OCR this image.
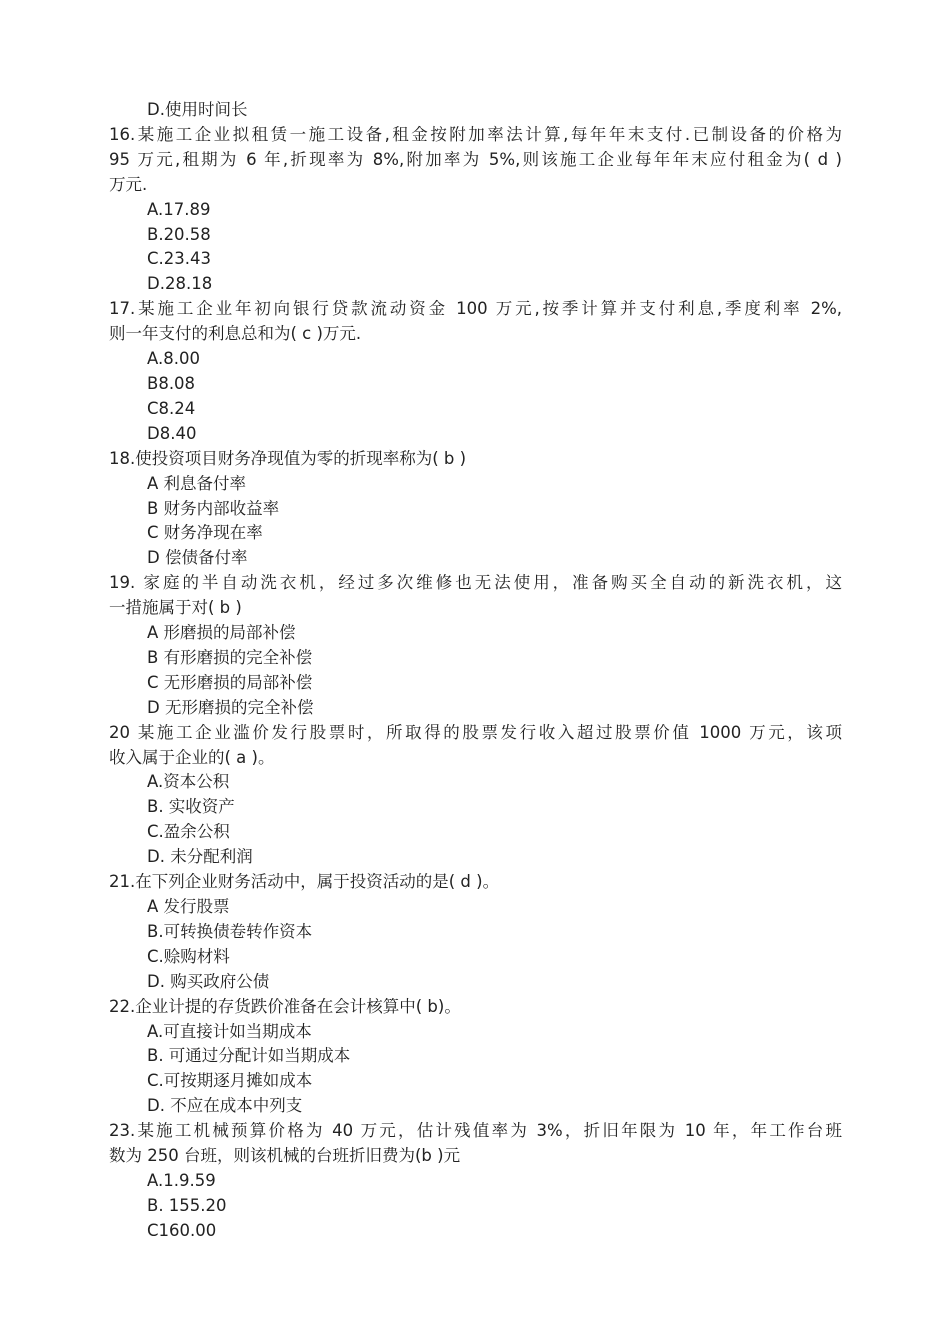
D.使用时间长
16.某施工企业拟租赁一施工设备,租金按附加率法计算,每年年末支付.已制设备的价格为
95 万元,租期为 6 年,折现率为 8%,附加率为 5%,则该施工企业每年年末应付租金为( d )
万元.
A.17.89
B.20.58
C.23.43
D.28.18
17.某施工企业年初向银行贷款流动资金 100 万元,按季计算并支付利息,季度利率 2%,
则一年支付的利息总和为( c )万元.
A.8.00
B8.08
C8.24
D8.40
18.使投资项目财务净现值为零的折现率称为( b )
A 利息备付率
B 财务内部收益率
C 财务净现在率
D 偿债备付率
19. 家庭的半自动洗衣机，经过多次维修也无法使用，准备购买全自动的新洗衣机，这
一措施属于对( b )
A 形磨损的局部补偿
B 有形磨损的完全补偿
C 无形磨损的局部补偿
D 无形磨损的完全补偿
20 某施工企业滥价发行股票时，所取得的股票发行收入超过股票价值 1000 万元，该项
收入属于企业的( a )。
A.资本公积
B. 实收资产
C.盈余公积
D. 未分配利润
21.在下列企业财务活动中，属于投资活动的是( d )。
A 发行股票
B.可转换债卷转作资本
C.赊购材料
D. 购买政府公债
22.企业计提的存货跌价准备在会计核算中( b)。
A.可直接计如当期成本
B. 可通过分配计如当期成本
C.可按期逐月摊如成本
D. 不应在成本中列支
23.某施工机械预算价格为 40 万元，估计残值率为 3%，折旧年限为 10 年，年工作台班
数为 250 台班，则该机械的台班折旧费为(b )元
A.1.9.59
B. 155.20
C160.00
